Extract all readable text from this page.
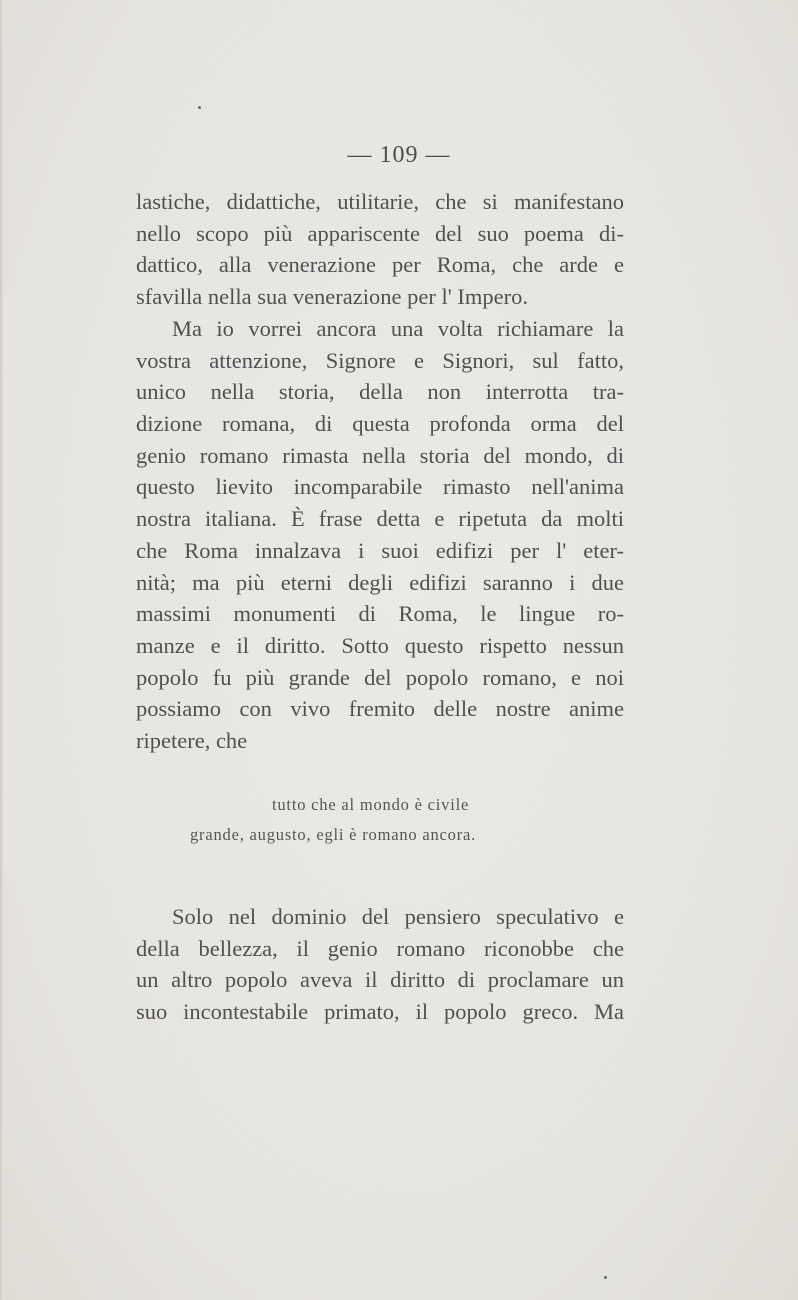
— 109 —
lastiche, didattiche, utilitarie, che si manifestano
nello scopo più appariscente del suo poema di-
dattico, alla venerazione per Roma, che arde e
sfavilla nella sua venerazione per l' Impero.
Ma io vorrei ancora una volta richiamare la
vostra attenzione, Signore e Signori, sul fatto,
unico nella storia, della non interrotta tra-
dizione romana, di questa profonda orma del
genio romano rimasta nella storia del mondo, di
questo lievito incomparabile rimasto nell'anima
nostra italiana. È frase detta e ripetuta da molti
che Roma innalzava i suoi edifizi per l' eter-
nità; ma più eterni degli edifizi saranno i due
massimi monumenti di Roma, le lingue ro-
manze e il diritto. Sotto questo rispetto nessun
popolo fu più grande del popolo romano, e noi
possiamo con vivo fremito delle nostre anime
ripetere, che
tutto che al mondo è civile
grande, augusto, egli è romano ancora.
Solo nel dominio del pensiero speculativo e
della bellezza, il genio romano riconobbe che
un altro popolo aveva il diritto di proclamare un
suo incontestabile primato, il popolo greco. Ma
